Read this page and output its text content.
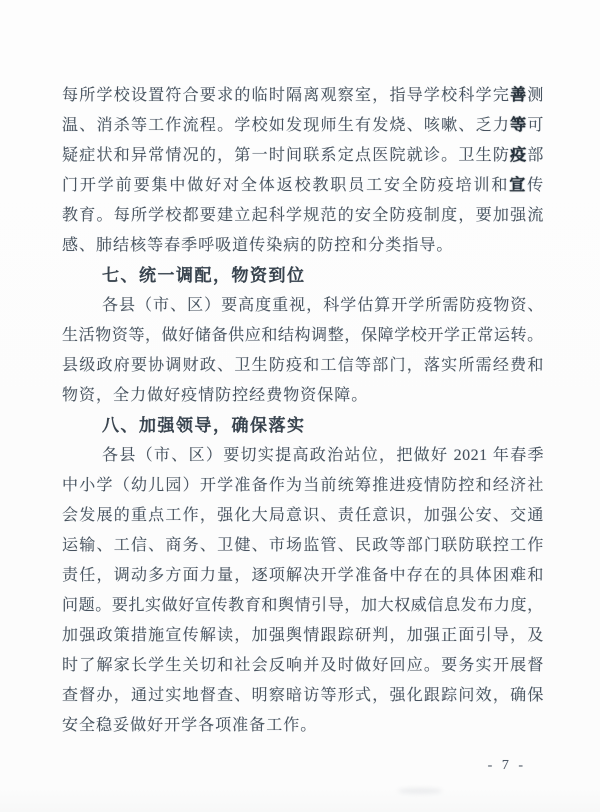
每所学校设置符合要求的临时隔离观察室，指导学校科学完善测
温、消杀等工作流程。学校如发现师生有发烧、咳嗽、乏力等可
疑症状和异常情况的，第一时间联系定点医院就诊。卫生防疫部
门开学前要集中做好对全体返校教职员工安全防疫培训和宣传
教育。每所学校都要建立起科学规范的安全防疫制度，要加强流
感、肺结核等春季呼吸道传染病的防控和分类指导。
七、统一调配，物资到位
各县（市、区）要高度重视，科学估算开学所需防疫物资、
生活物资等，做好储备供应和结构调整，保障学校开学正常运转。
县级政府要协调财政、卫生防疫和工信等部门，落实所需经费和
物资，全力做好疫情防控经费物资保障。
八、加强领导，确保落实
各县（市、区）要切实提高政治站位，把做好 2021 年春季
中小学（幼儿园）开学准备作为当前统筹推进疫情防控和经济社
会发展的重点工作，强化大局意识、责任意识，加强公安、交通
运输、工信、商务、卫健、市场监管、民政等部门联防联控工作
责任，调动多方面力量，逐项解决开学准备中存在的具体困难和
问题。要扎实做好宣传教育和舆情引导，加大权威信息发布力度，
加强政策措施宣传解读，加强舆情跟踪研判，加强正面引导，及
时了解家长学生关切和社会反响并及时做好回应。要务实开展督
查督办，通过实地督查、明察暗访等形式，强化跟踪问效，确保
安全稳妥做好开学各项准备工作。
- 7 -
